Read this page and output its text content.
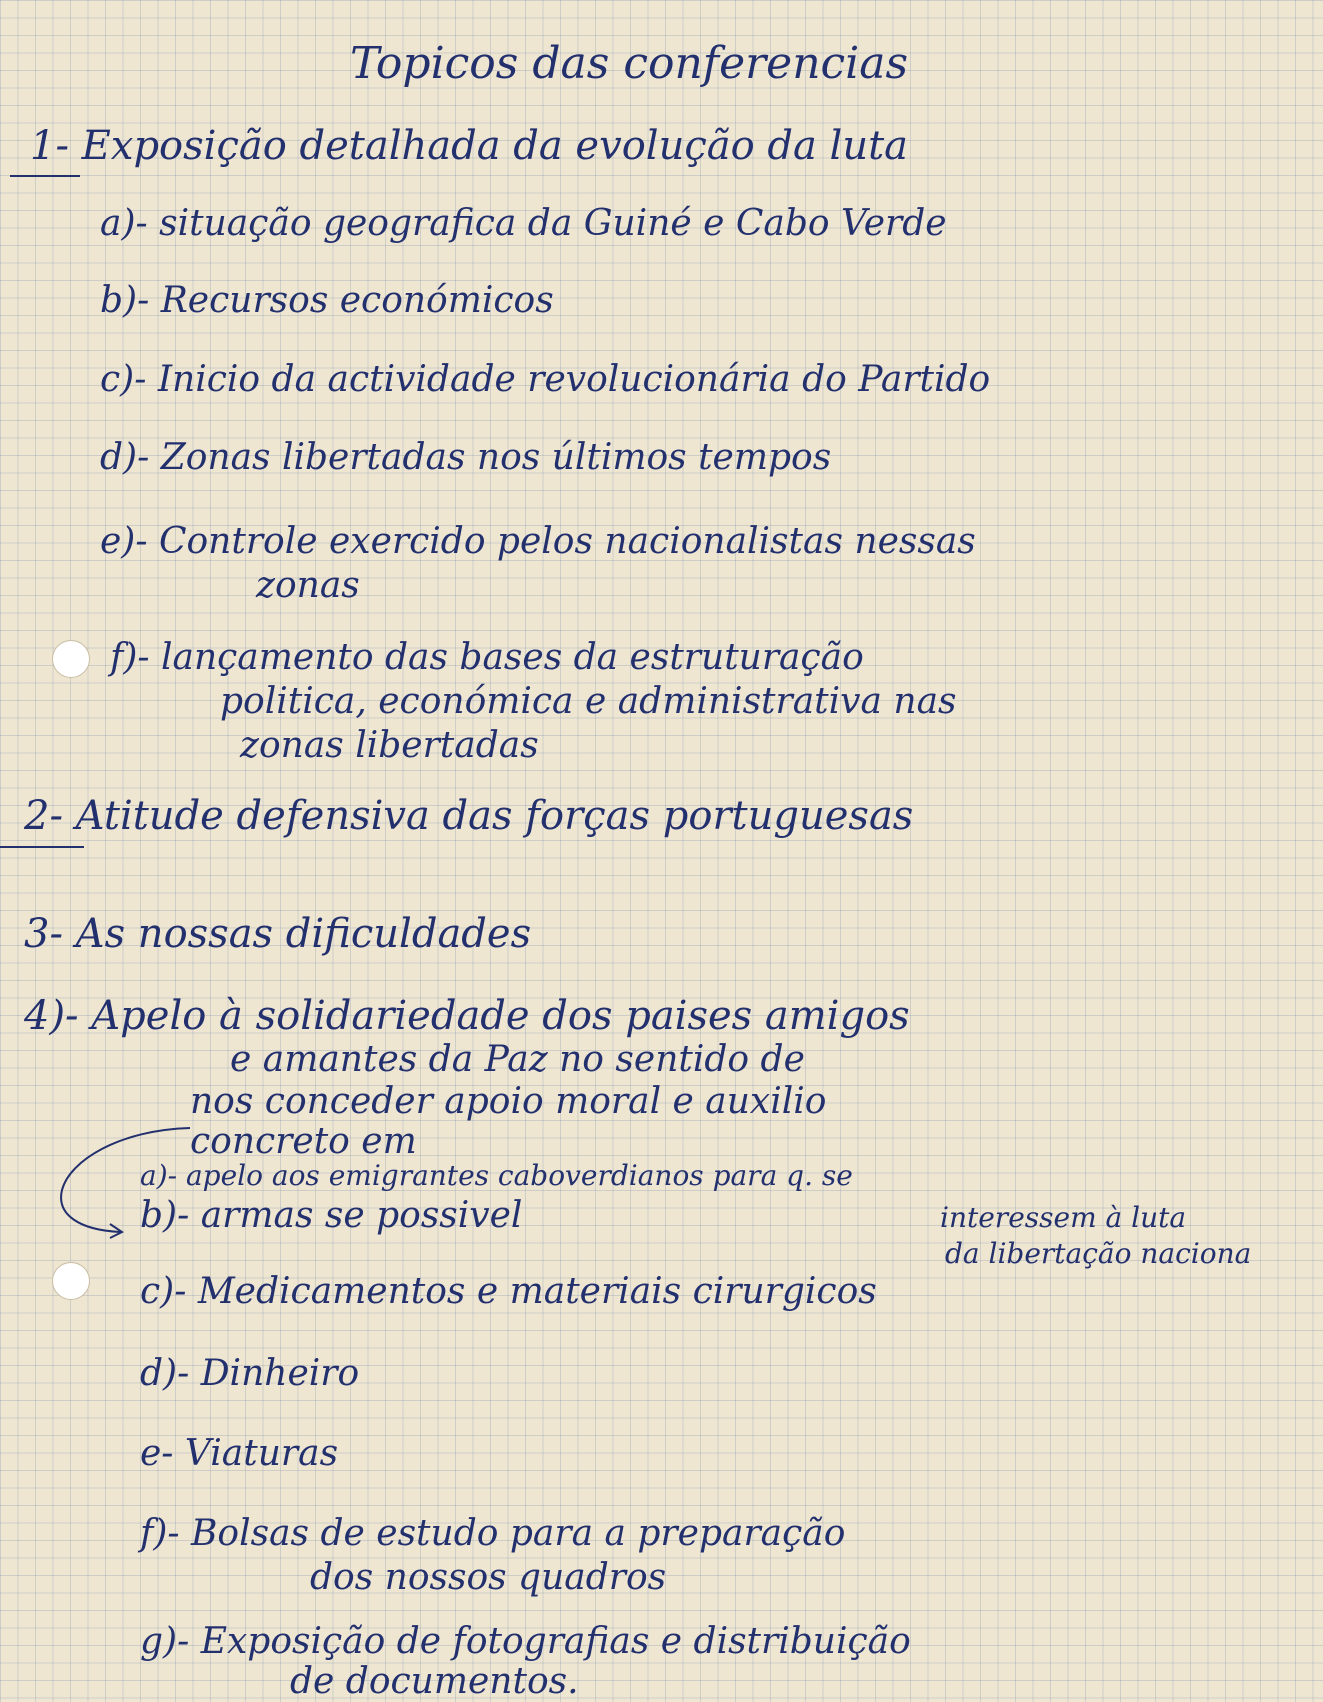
Topicos das conferencias
1- Exposição detalhada da evolução da luta
a)- situação geografica da Guiné e Cabo Verde
b)- Recursos económicos
c)- Inicio da actividade revolucionária do Partido
d)- Zonas libertadas nos últimos tempos
e)- Controle exercido pelos nacionalistas nessas
zonas
f)- lançamento das bases da estruturação
politica, económica e administrativa nas
zonas libertadas
2- Atitude defensiva das forças portuguesas
3- As nossas dificuldades
4)- Apelo à solidariedade dos paises amigos
e amantes da Paz no sentido de
nos conceder apoio moral e auxilio
concreto em
a)- apelo aos emigrantes caboverdianos para q. se
b)- armas se possivel	interessem à luta
da libertação naciona
c)- Medicamentos e materiais cirurgicos
d)- Dinheiro
e- Viaturas
f)- Bolsas de estudo para a preparação
dos nossos quadros
g)- Exposição de fotografias e distribuição
de documentos.
